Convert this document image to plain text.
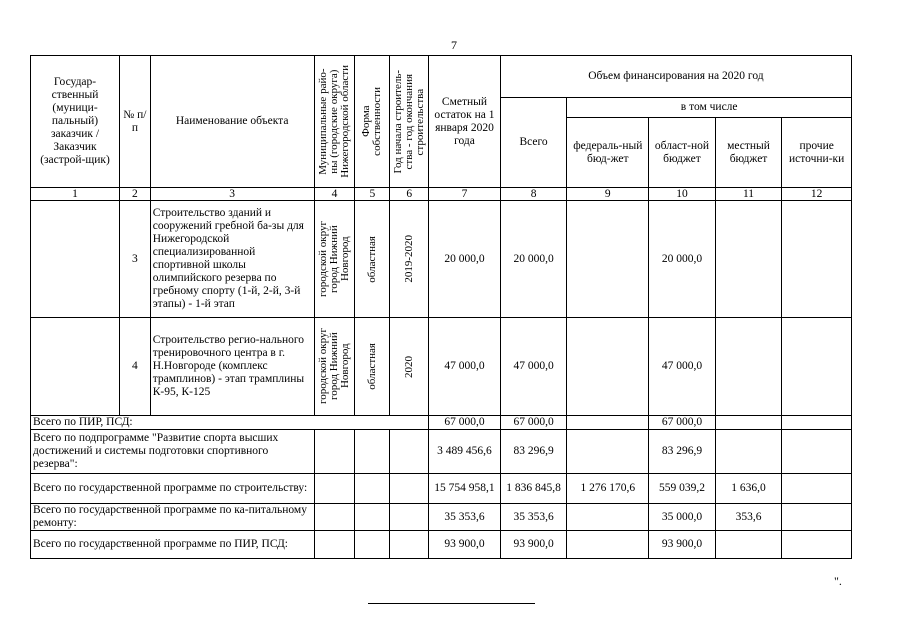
7
Государ-ственный (муници-пальный) заказчик / Заказчик (застрой-щик)	№ п/п	Наименование объекта	Муниципальные райо-
ны (городские округа)
Нижегородской области	Форма
собственности	Год начала строитель-
ства - год окончания
строительства	Сметный остаток на 1 января 2020 года	Объем финансирования на 2020 год				
							Всего	в том числе			
								федераль-ный бюд-жет	област-ной бюджет	местный бюджет	прочие источни-ки
1	2	3	4	5	6	7	8	9	10	11	12
	3	Строительство зданий и сооружений гребной ба-зы для Нижегородской специализированной спортивной школы олимпийского резерва по гребному спорту (1-й, 2-й, 3-й этапы) - 1-й этап	городской округ
город Нижний
Новгород	областная	2019-2020	20 000,0	20 000,0		20 000,0		
	4	Строительство регио-нального тренировочного центра в г. Н.Новгороде (комплекс трамплинов) - этап трамплины К-95, К-125	городской округ
город Нижний
Новгород	областная	2020	47 000,0	47 000,0		47 000,0		
Всего по ПИР, ПСД:						67 000,0	67 000,0		67 000,0		
Всего по подпрограмме "Развитие спорта высших достижений и системы подготовки спортивного резерва":						3 489 456,6	83 296,9		83 296,9		
Всего по государственной программе по строительству:						15 754 958,1	1 836 845,8	1 276 170,6	559 039,2	1 636,0	
Всего по государственной программе по ка-питальному ремонту:						35 353,6	35 353,6		35 000,0	353,6	
Всего по государственной программе по ПИР, ПСД:						93 900,0	93 900,0		93 900,0		
".
